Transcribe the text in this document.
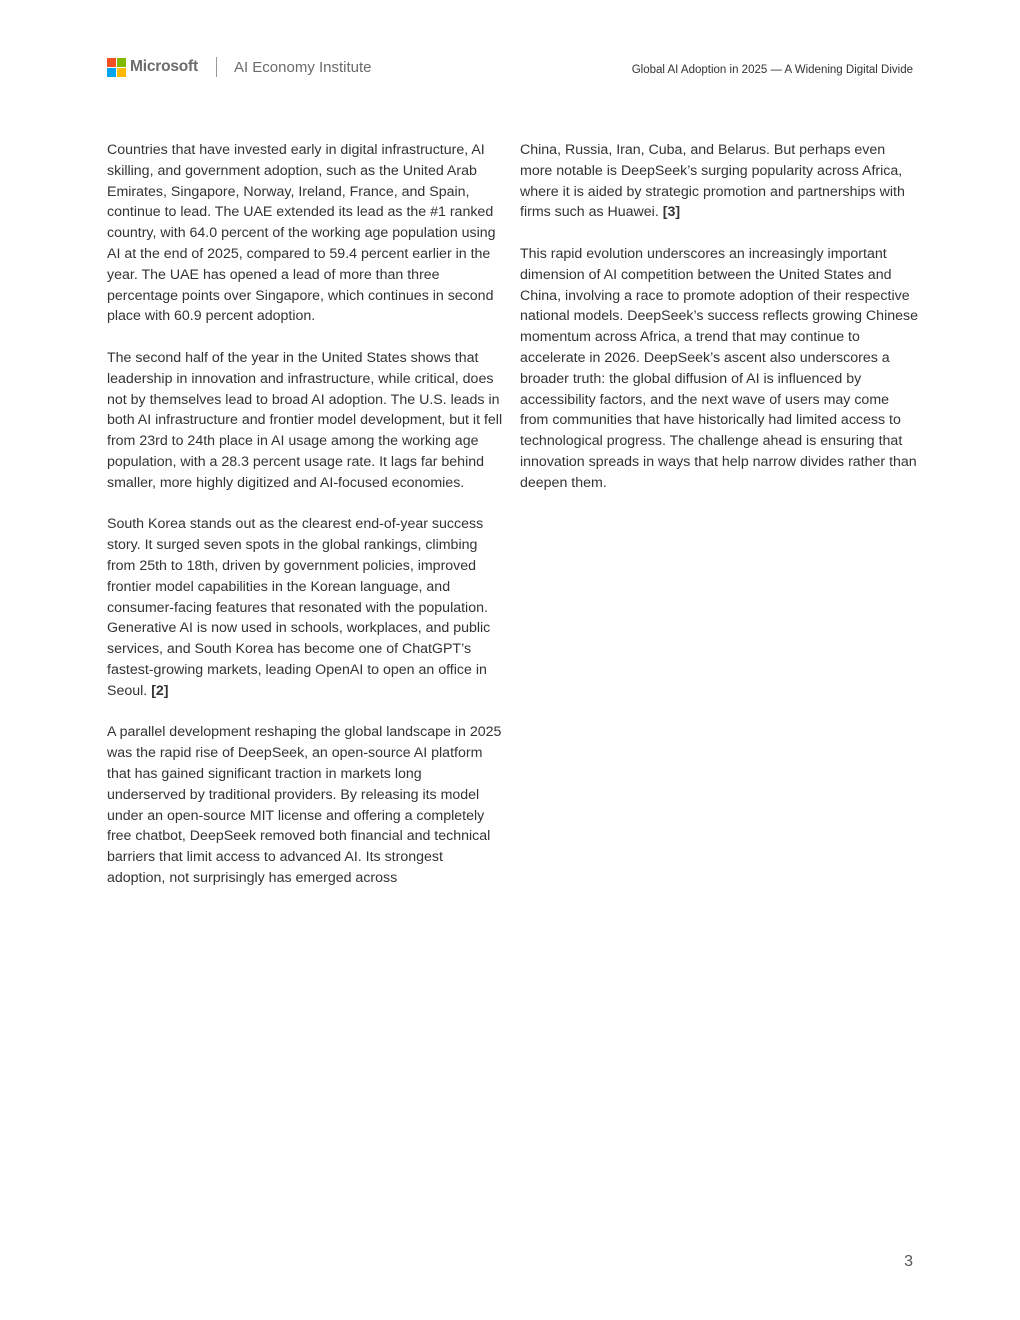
Microsoft AI Economy Institute	Global AI Adoption in 2025 — A Widening Digital Divide

Countries that have invested early in digital infrastructure, AI skilling, and government adoption, such as the United Arab Emirates, Singapore, Norway, Ireland, France, and Spain, continue to lead. The UAE extended its lead as the #1 ranked country, with 64.0 percent of the working age population using AI at the end of 2025, compared to 59.4 percent earlier in the year. The UAE has opened a lead of more than three percentage points over Singapore, which continues in second place with 60.9 percent adoption.

The second half of the year in the United States shows that leadership in innovation and infrastructure, while critical, does not by themselves lead to broad AI adoption. The U.S. leads in both AI infrastructure and frontier model development, but it fell from 23rd to 24th place in AI usage among the working age population, with a 28.3 percent usage rate. It lags far behind smaller, more highly digitized and AI-focused economies.

South Korea stands out as the clearest end-of-year success story. It surged seven spots in the global rankings, climbing from 25th to 18th, driven by government policies, improved frontier model capabilities in the Korean language, and consumer-facing features that resonated with the population. Generative AI is now used in schools, workplaces, and public services, and South Korea has become one of ChatGPT’s fastest-growing markets, leading OpenAI to open an office in Seoul. [2]

A parallel development reshaping the global landscape in 2025 was the rapid rise of DeepSeek, an open-source AI platform that has gained significant traction in markets long underserved by traditional providers. By releasing its model under an open-source MIT license and offering a completely free chatbot, DeepSeek removed both financial and technical barriers that limit access to advanced AI. Its strongest adoption, not surprisingly has emerged across

China, Russia, Iran, Cuba, and Belarus. But perhaps even more notable is DeepSeek’s surging popularity across Africa, where it is aided by strategic promotion and partnerships with firms such as Huawei. [3]

This rapid evolution underscores an increasingly important dimension of AI competition between the United States and China, involving a race to promote adoption of their respective national models. DeepSeek’s success reflects growing Chinese momentum across Africa, a trend that may continue to accelerate in 2026. DeepSeek’s ascent also underscores a broader truth: the global diffusion of AI is influenced by accessibility factors, and the next wave of users may come from communities that have historically had limited access to technological progress. The challenge ahead is ensuring that innovation spreads in ways that help narrow divides rather than deepen them.

3
